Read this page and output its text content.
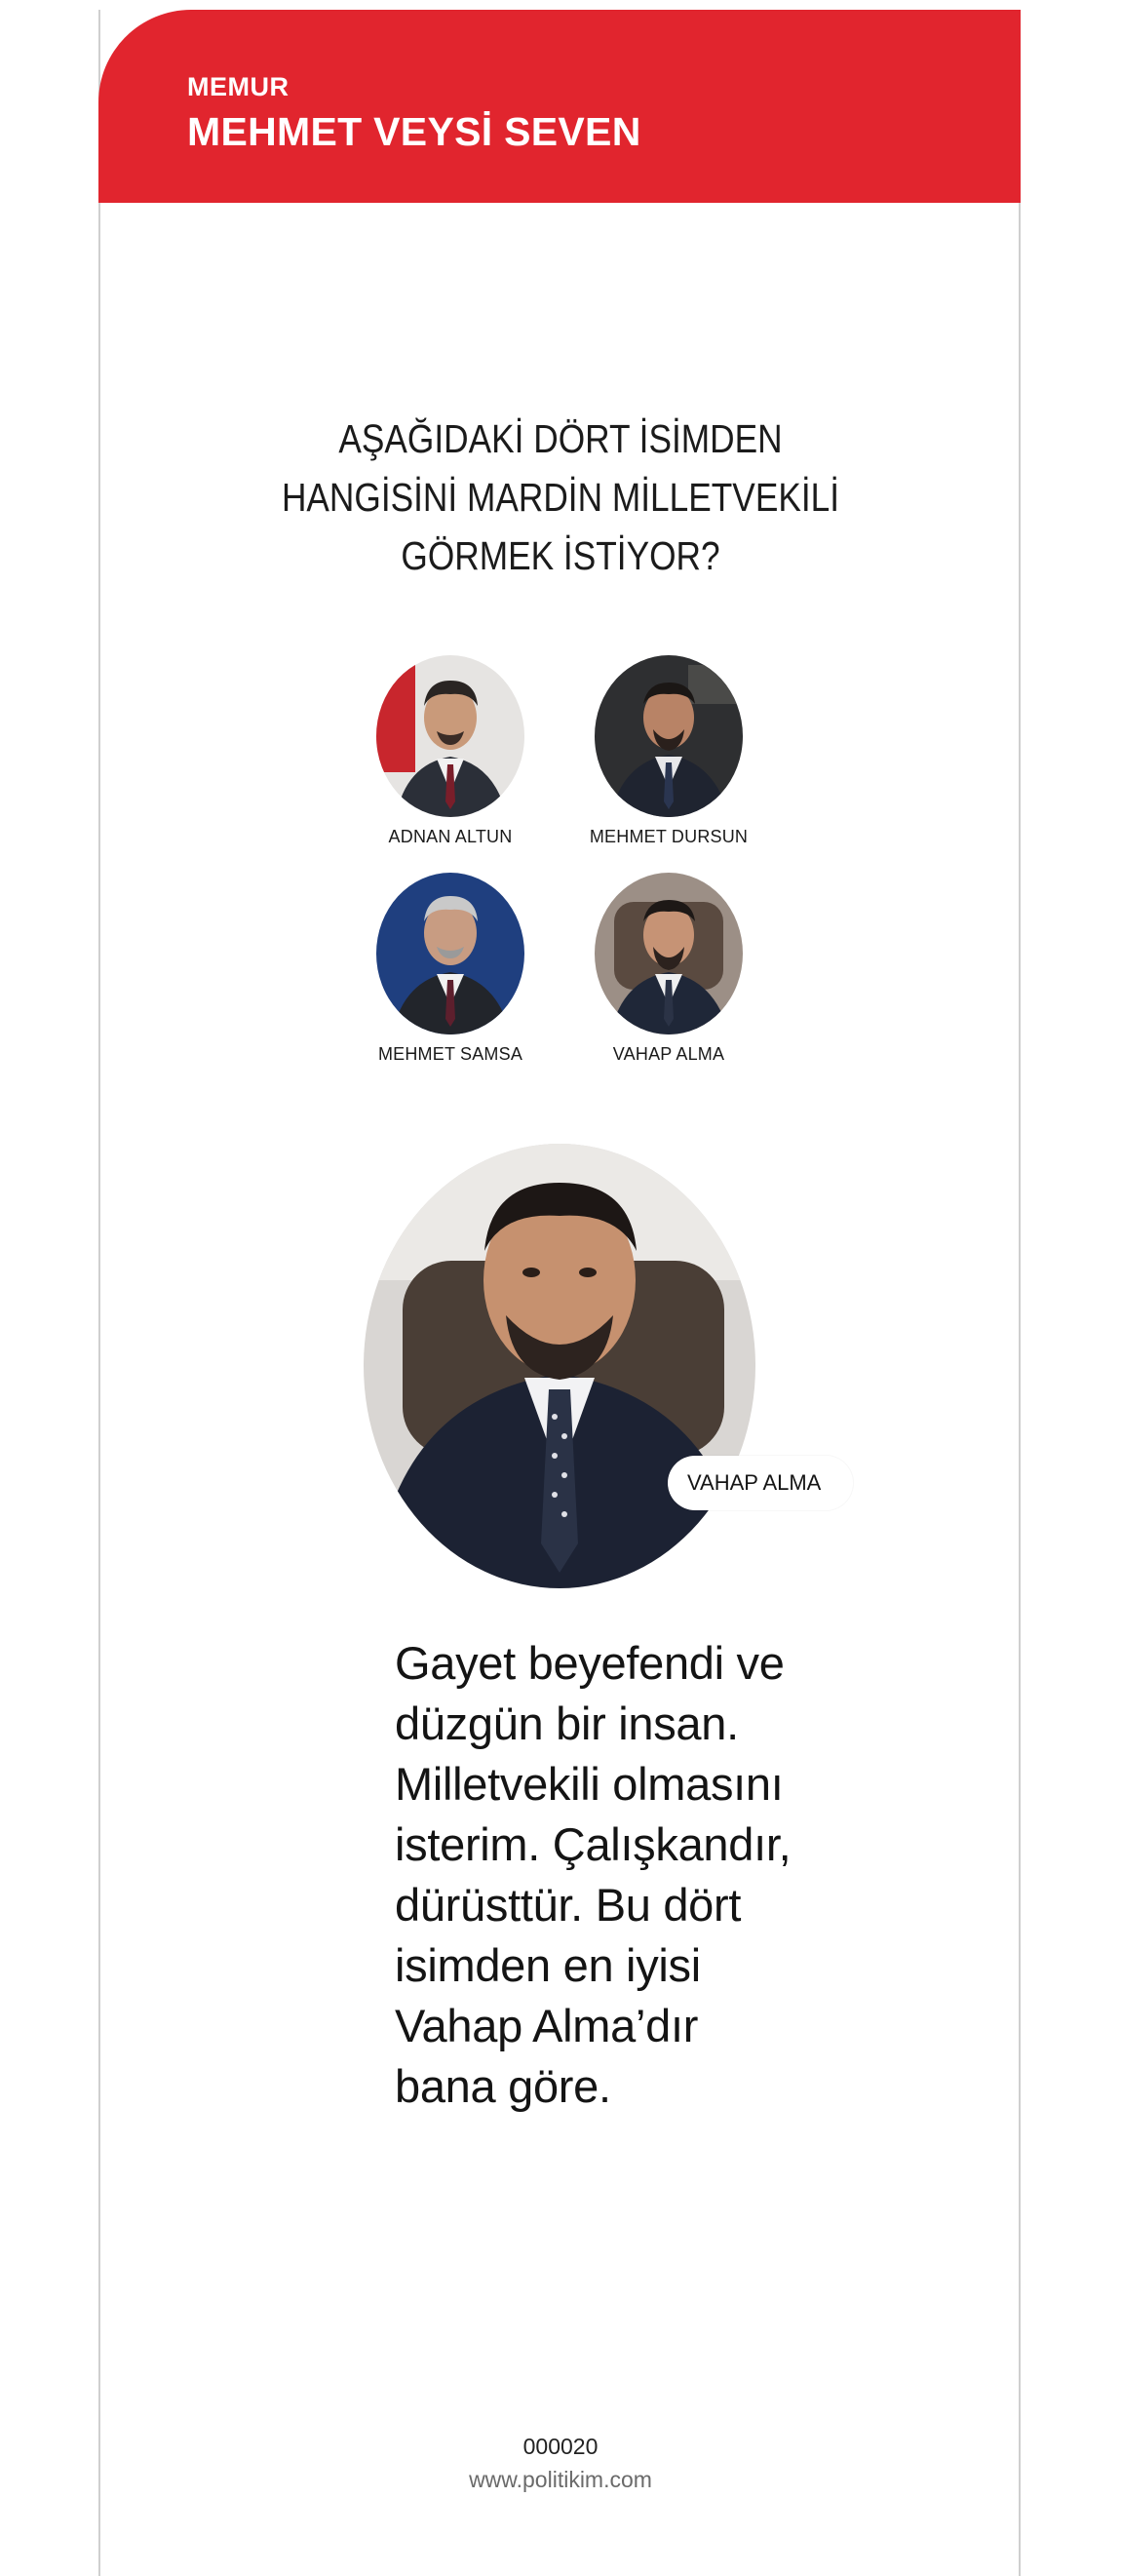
MEMUR
MEHMET VEYSİ SEVEN
AŞAĞIDAKİ DÖRT İSİMDEN
HANGİSİNİ MARDİN MİLLETVEKİLİ
GÖRMEK İSTİYOR?
ADNAN ALTUN	MEHMET DURSUN
MEHMET SAMSA	VAHAP ALMA
VAHAP ALMA
Gayet beyefendi ve
düzgün bir insan.
Milletvekili olmasını
isterim. Çalışkandır,
dürüsttür. Bu dört
isimden en iyisi
Vahap Alma’dır
bana göre.
000020
www.politikim.com
